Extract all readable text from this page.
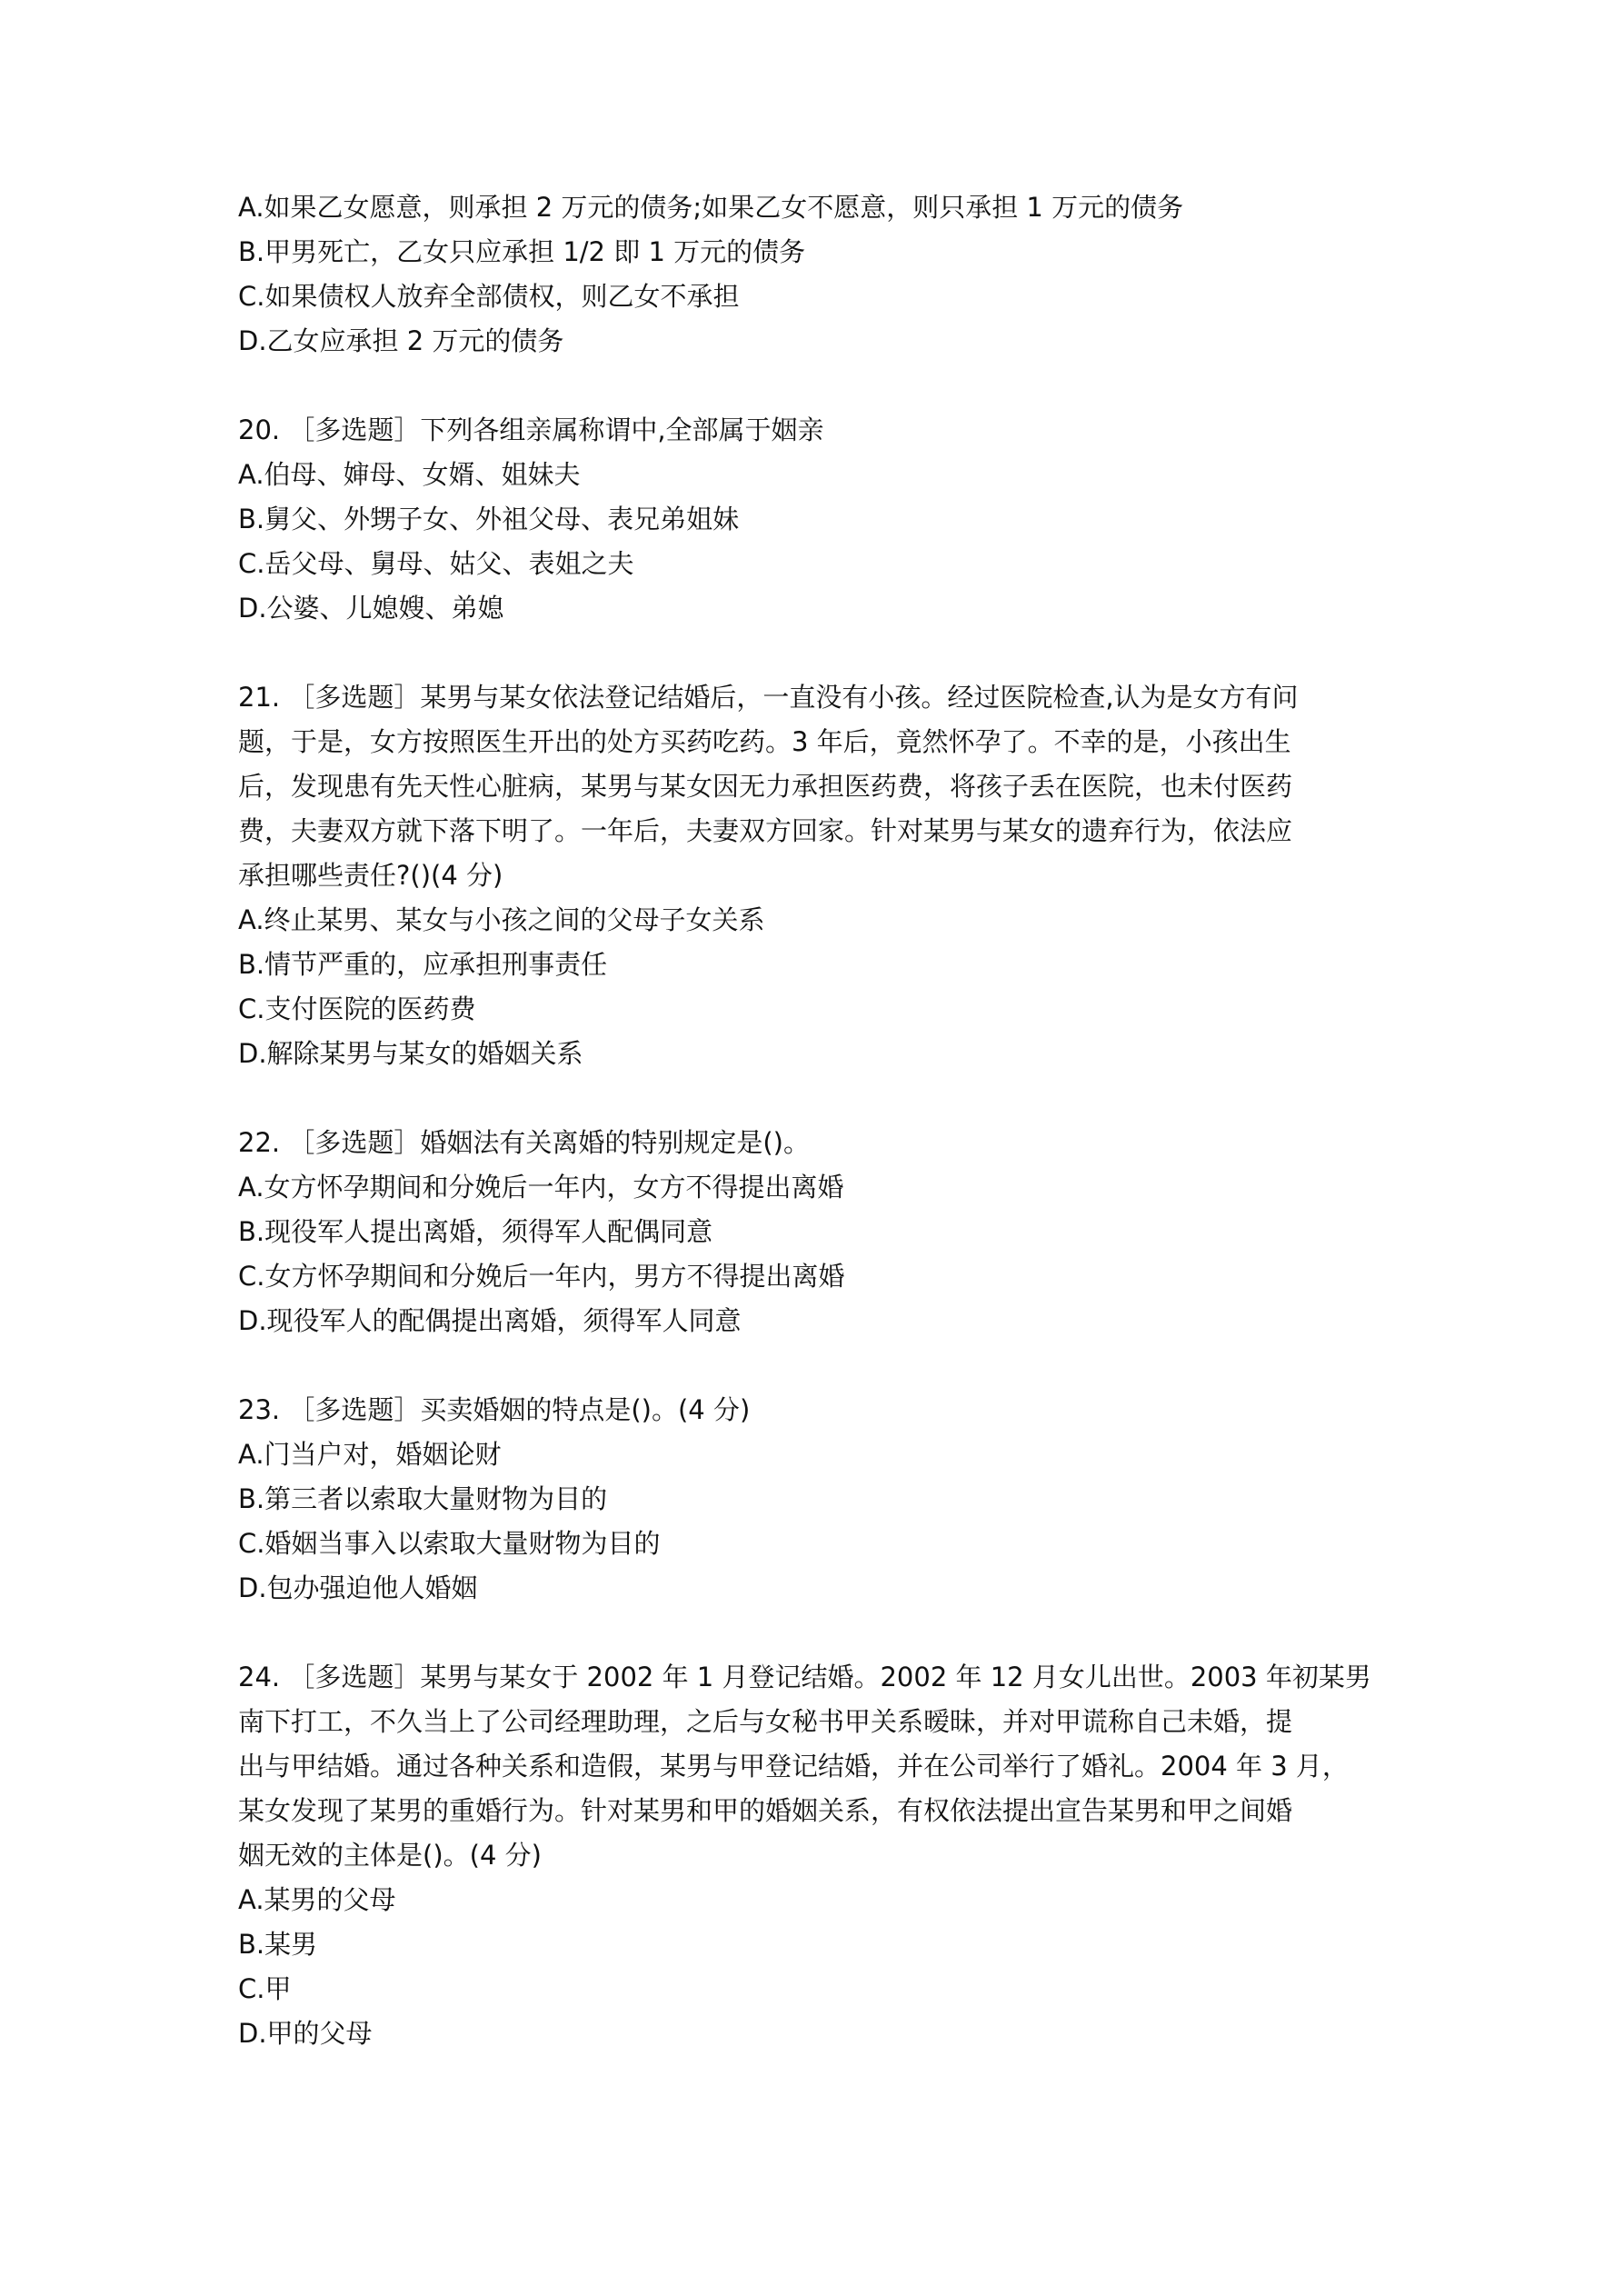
A.如果乙女愿意，则承担 2 万元的债务;如果乙女不愿意，则只承担 1 万元的债务
B.甲男死亡，乙女只应承担 1/2 即 1 万元的债务
C.如果债权人放弃全部债权，则乙女不承担
D.乙女应承担 2 万元的债务
20. ［多选题］下列各组亲属称谓中,全部属于姻亲
A.伯母、婶母、女婿、姐妹夫
B.舅父、外甥子女、外祖父母、表兄弟姐妹
C.岳父母、舅母、姑父、表姐之夫
D.公婆、儿媳嫂、弟媳
21. ［多选题］某男与某女依法登记结婚后，一直没有小孩。经过医院检查,认为是女方有问
题，于是，女方按照医生开出的处方买药吃药。3 年后，竟然怀孕了。不幸的是，小孩出生
后，发现患有先天性心脏病，某男与某女因无力承担医药费，将孩子丢在医院，也未付医药
费，夫妻双方就下落下明了。一年后，夫妻双方回家。针对某男与某女的遗弃行为，依法应
承担哪些责任?()(4 分)
A.终止某男、某女与小孩之间的父母子女关系
B.情节严重的，应承担刑事责任
C.支付医院的医药费
D.解除某男与某女的婚姻关系
22. ［多选题］婚姻法有关离婚的特别规定是()。
A.女方怀孕期间和分娩后一年内，女方不得提出离婚
B.现役军人提出离婚，须得军人配偶同意
C.女方怀孕期间和分娩后一年内，男方不得提出离婚
D.现役军人的配偶提出离婚，须得军人同意
23. ［多选题］买卖婚姻的特点是()。(4 分)
A.门当户对，婚姻论财
B.第三者以索取大量财物为目的
C.婚姻当事入以索取大量财物为目的
D.包办强迫他人婚姻
24. ［多选题］某男与某女于 2002 年 1 月登记结婚。2002 年 12 月女儿出世。2003 年初某男
南下打工，不久当上了公司经理助理，之后与女秘书甲关系暧昧，并对甲谎称自己未婚，提
出与甲结婚。通过各种关系和造假，某男与甲登记结婚，并在公司举行了婚礼。2004 年 3 月，
某女发现了某男的重婚行为。针对某男和甲的婚姻关系，有权依法提出宣告某男和甲之间婚
姻无效的主体是()。(4 分)
A.某男的父母
B.某男
C.甲
D.甲的父母
